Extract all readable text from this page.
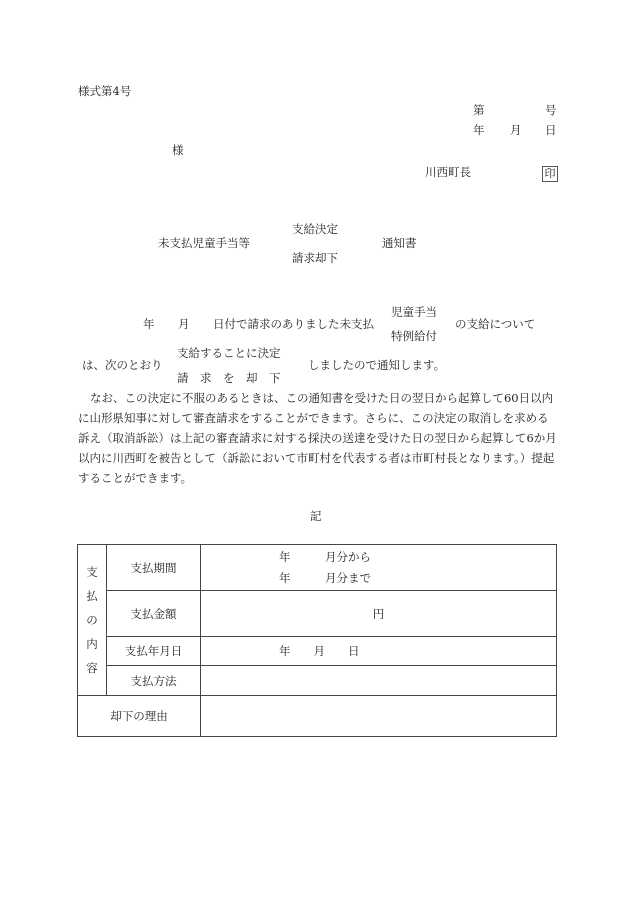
様式第4号
第	号
年 月 日
様
川西町長	印
支給決定
未支払児童手当等	通知書
請求却下
児童手当
年 月 日付で請求のありました未支払	の支給について
特例給付
支給することに決定
は、次のとおり	しましたので通知します。
請　求　を　却　下
なお、この決定に不服のあるときは、この通知書を受けた日の翌日から起算して60日以内に山形県知事に対して審査請求をすることができます。さらに、この決定の取消しを求める訴え（取消訴訟）は上記の審査請求に対する採決の送達を受けた日の翌日から起算して6か月以内に川西町を被告として（訴訟において市町村を代表する者は市町村長となります。）提起することができます。
記
支
払
の
内
容	支払期間	年　　　月分から
年　　　月分まで
	支払金額	円
	支払年月日	年　　月　　日
	支払方法	
却下の理由		
